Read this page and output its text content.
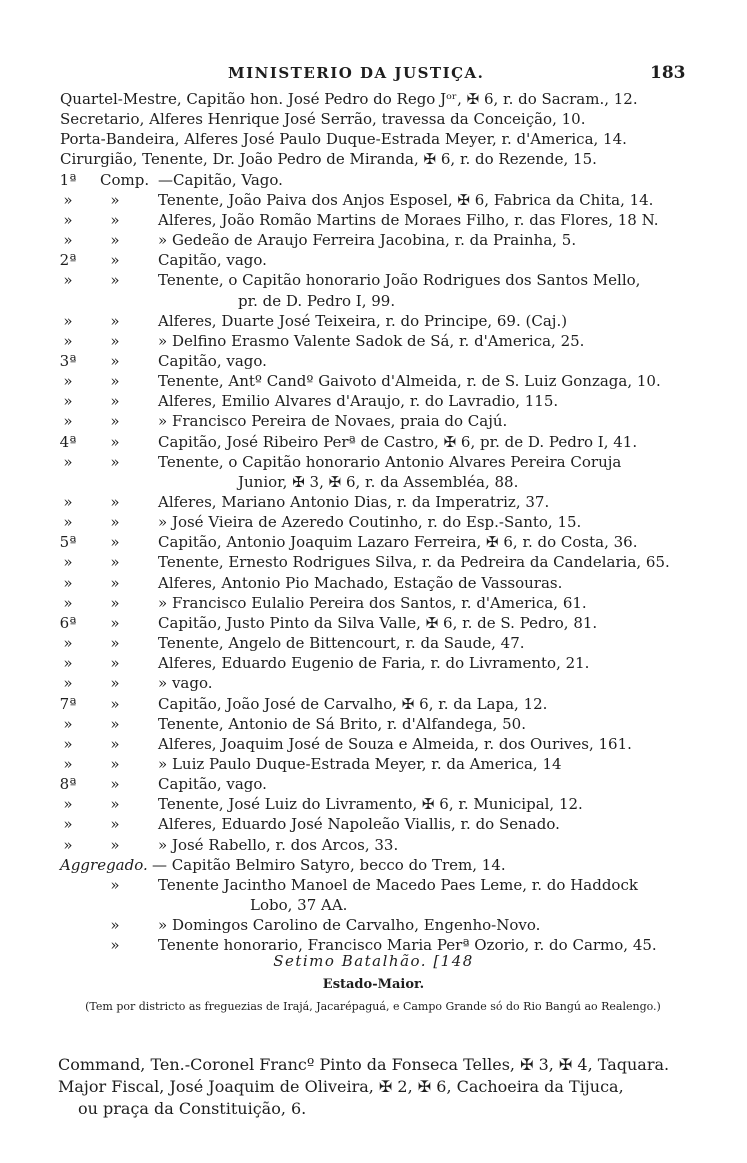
MINISTERIO DA JUSTIÇA.	183
Quartel-Mestre, Capitão hon. José Pedro do Rego Jᵒʳ, ✠ 6, r. do Sacram., 12.
Secretario, Alferes Henrique José Serrão, travessa da Conceição, 10.
Porta-Bandeira, Alferes José Paulo Duque-Estrada Meyer, r. d'America, 14.
Cirurgião, Tenente, Dr. João Pedro de Miranda, ✠ 6, r. do Rezende, 15.
1ª Comp. —Capitão, Vago.
»	»	Tenente, João Paiva dos Anjos Esposel, ✠ 6, Fabrica da Chita, 14.
»	»	Alferes, João Romão Martins de Moraes Filho, r. das Flores, 18 N.
»	»	» Gedeão de Araujo Ferreira Jacobina, r. da Prainha, 5.
2ª	»	Capitão, vago.
»	»	Tenente, o Capitão honorario João Rodrigues dos Santos Mello,
pr. de D. Pedro I, 99.
»	»	Alferes, Duarte José Teixeira, r. do Principe, 69. (Caj.)
»	»	» Delfino Erasmo Valente Sadok de Sá, r. d'America, 25.
3ª	»	Capitão, vago.
»	»	Tenente, Antº Candº Gaivoto d'Almeida, r. de S. Luiz Gonzaga, 10.
»	»	Alferes, Emilio Alvares d'Araujo, r. do Lavradio, 115.
»	»	» Francisco Pereira de Novaes, praia do Cajú.
4ª	»	Capitão, José Ribeiro Perª de Castro, ✠ 6, pr. de D. Pedro I, 41.
»	»	Tenente, o Capitão honorario Antonio Alvares Pereira Coruja
Junior, ✠ 3, ✠ 6, r. da Assembléa, 88.
»	»	Alferes, Mariano Antonio Dias, r. da Imperatriz, 37.
»	»	» José Vieira de Azeredo Coutinho, r. do Esp.-Santo, 15.
5ª	»	Capitão, Antonio Joaquim Lazaro Ferreira, ✠ 6, r. do Costa, 36.
»	»	Tenente, Ernesto Rodrigues Silva, r. da Pedreira da Candelaria, 65.
»	»	Alferes, Antonio Pio Machado, Estação de Vassouras.
»	»	» Francisco Eulalio Pereira dos Santos, r. d'America, 61.
6ª	»	Capitão, Justo Pinto da Silva Valle, ✠ 6, r. de S. Pedro, 81.
»	»	Tenente, Angelo de Bittencourt, r. da Saude, 47.
»	»	Alferes, Eduardo Eugenio de Faria, r. do Livramento, 21.
»	»	» vago.
7ª	»	Capitão, João José de Carvalho, ✠ 6, r. da Lapa, 12.
»	»	Tenente, Antonio de Sá Brito, r. d'Alfandega, 50.
»	»	Alferes, Joaquim José de Souza e Almeida, r. dos Ourives, 161.
»	»	» Luiz Paulo Duque-Estrada Meyer, r. da America, 14
8ª	»	Capitão, vago.
»	»	Tenente, José Luiz do Livramento, ✠ 6, r. Municipal, 12.
»	»	Alferes, Eduardo José Napoleão Viallis, r. do Senado.
»	»	» José Rabello, r. dos Arcos, 33.
Aggregado. — Capitão Belmiro Satyro, becco do Trem, 14.
»	Tenente Jacintho Manoel de Macedo Paes Leme, r. do Haddock
Lobo, 37 AA.
»	» Domingos Carolino de Carvalho, Engenho-Novo.
»	Tenente honorario, Francisco Maria Perª Ozorio, r. do Carmo, 45.
Setimo Batalhão. [148
Estado-Maior.
(Tem por districto as freguezias de Irajá, Jacarépaguá, e Campo Grande só do Rio Bangú ao Realengo.)
Command, Ten.-Coronel Francº Pinto da Fonseca Telles, ✠ 3, ✠ 4, Taquara.
Major Fiscal, José Joaquim de Oliveira, ✠ 2, ✠ 6, Cachoeira da Tijuca,
ou praça da Constituição, 6.
